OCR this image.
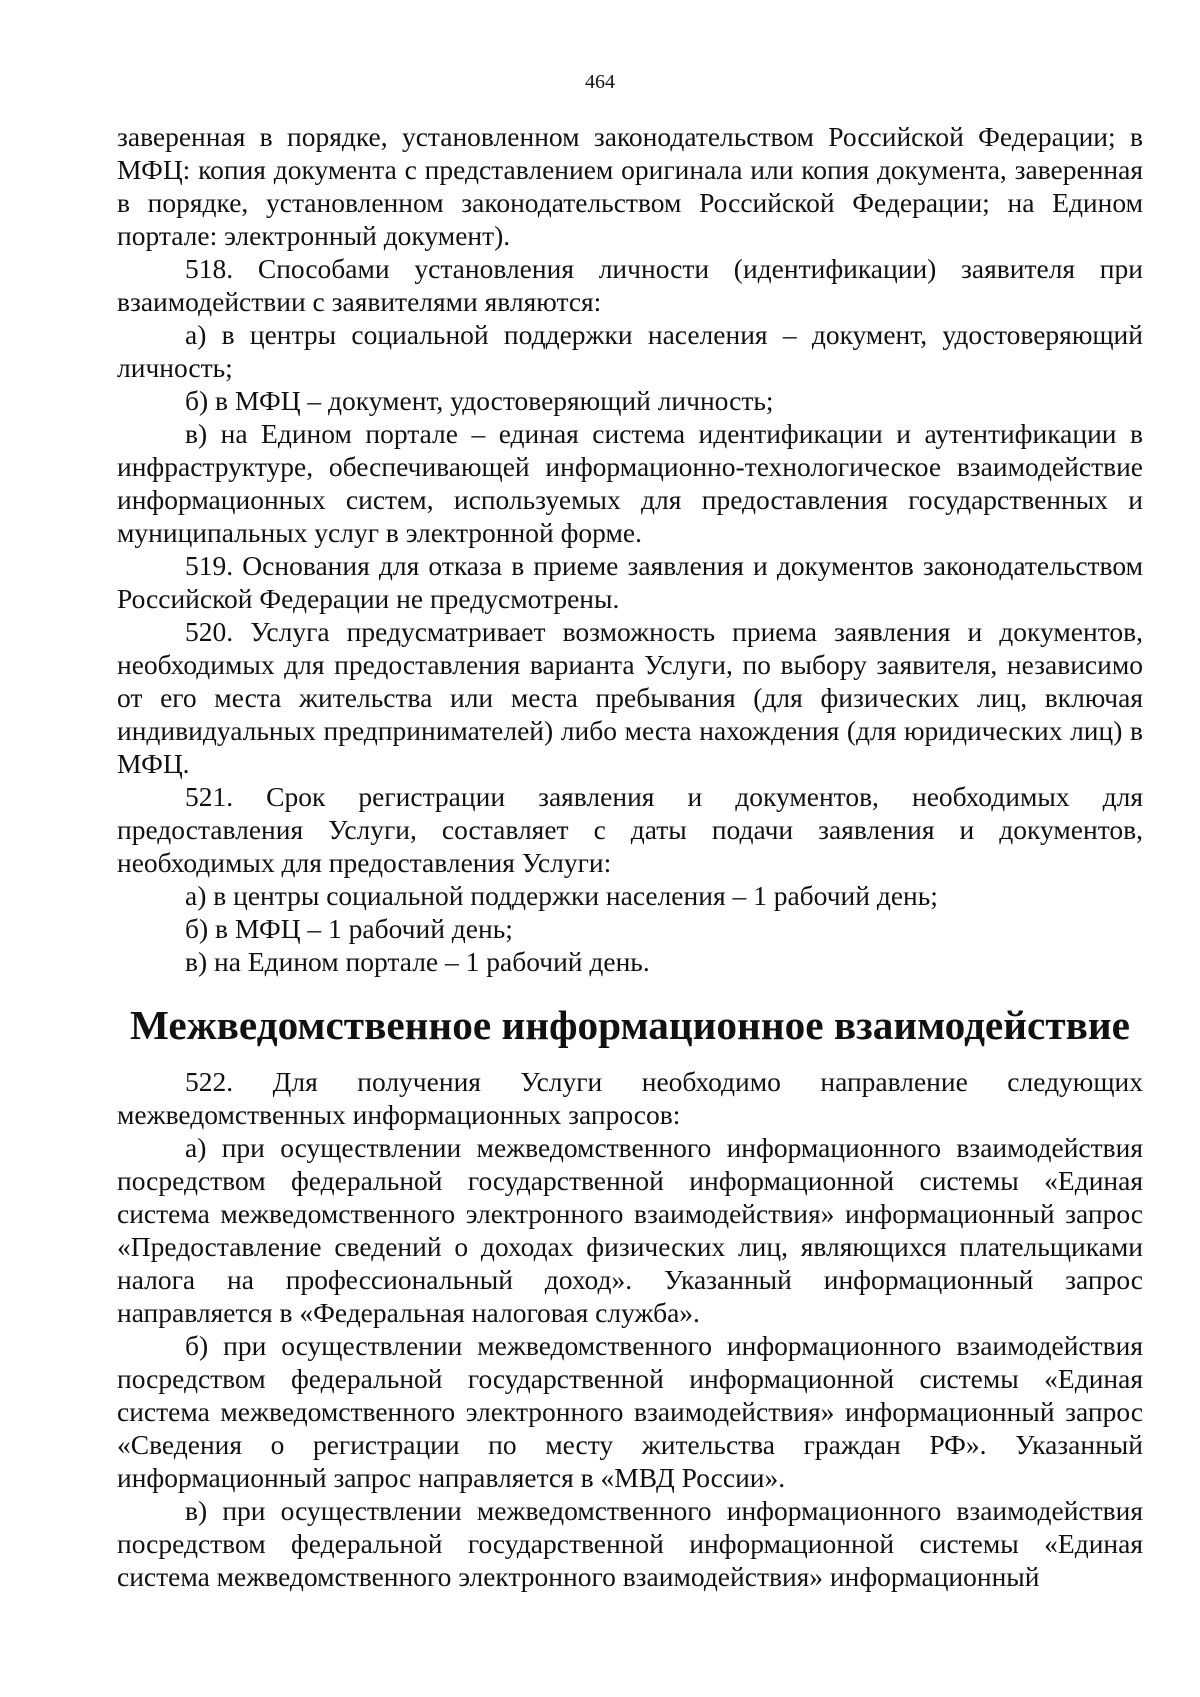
464

заверенная в порядке, установленном законодательством Российской Федерации; в МФЦ: копия документа с представлением оригинала или копия документа, заверенная в порядке, установленном законодательством Российской Федерации; на Едином портале: электронный документ).

518. Способами установления личности (идентификации) заявителя при взаимодействии с заявителями являются:

а) в центры социальной поддержки населения – документ, удостоверяющий личность;

б) в МФЦ – документ, удостоверяющий личность;

в) на Едином портале – единая система идентификации и аутентификации в инфраструктуре, обеспечивающей информационно-технологическое взаимодействие информационных систем, используемых для предоставления государственных и муниципальных услуг в электронной форме.

519. Основания для отказа в приеме заявления и документов законодательством Российской Федерации не предусмотрены.

520. Услуга предусматривает возможность приема заявления и документов, необходимых для предоставления варианта Услуги, по выбору заявителя, независимо от его места жительства или места пребывания (для физических лиц, включая индивидуальных предпринимателей) либо места нахождения (для юридических лиц) в МФЦ.

521. Срок регистрации заявления и документов, необходимых для предоставления Услуги, составляет с даты подачи заявления и документов, необходимых для предоставления Услуги:

а) в центры социальной поддержки населения – 1 рабочий день;

б) в МФЦ – 1 рабочий день;

в) на Едином портале – 1 рабочий день.

Межведомственное информационное взаимодействие

522. Для получения Услуги необходимо направление следующих межведомственных информационных запросов:

а) при осуществлении межведомственного информационного взаимодействия посредством федеральной государственной информационной системы «Единая система межведомственного электронного взаимодействия» информационный запрос «Предоставление сведений о доходах физических лиц, являющихся плательщиками налога на профессиональный доход». Указанный информационный запрос направляется в «Федеральная налоговая служба».

б) при осуществлении межведомственного информационного взаимодействия посредством федеральной государственной информационной системы «Единая система межведомственного электронного взаимодействия» информационный запрос «Сведения о регистрации по месту жительства граждан РФ». Указанный информационный запрос направляется в «МВД России».

в) при осуществлении межведомственного информационного взаимодействия посредством федеральной государственной информационной системы «Единая система межведомственного электронного взаимодействия» информационный
